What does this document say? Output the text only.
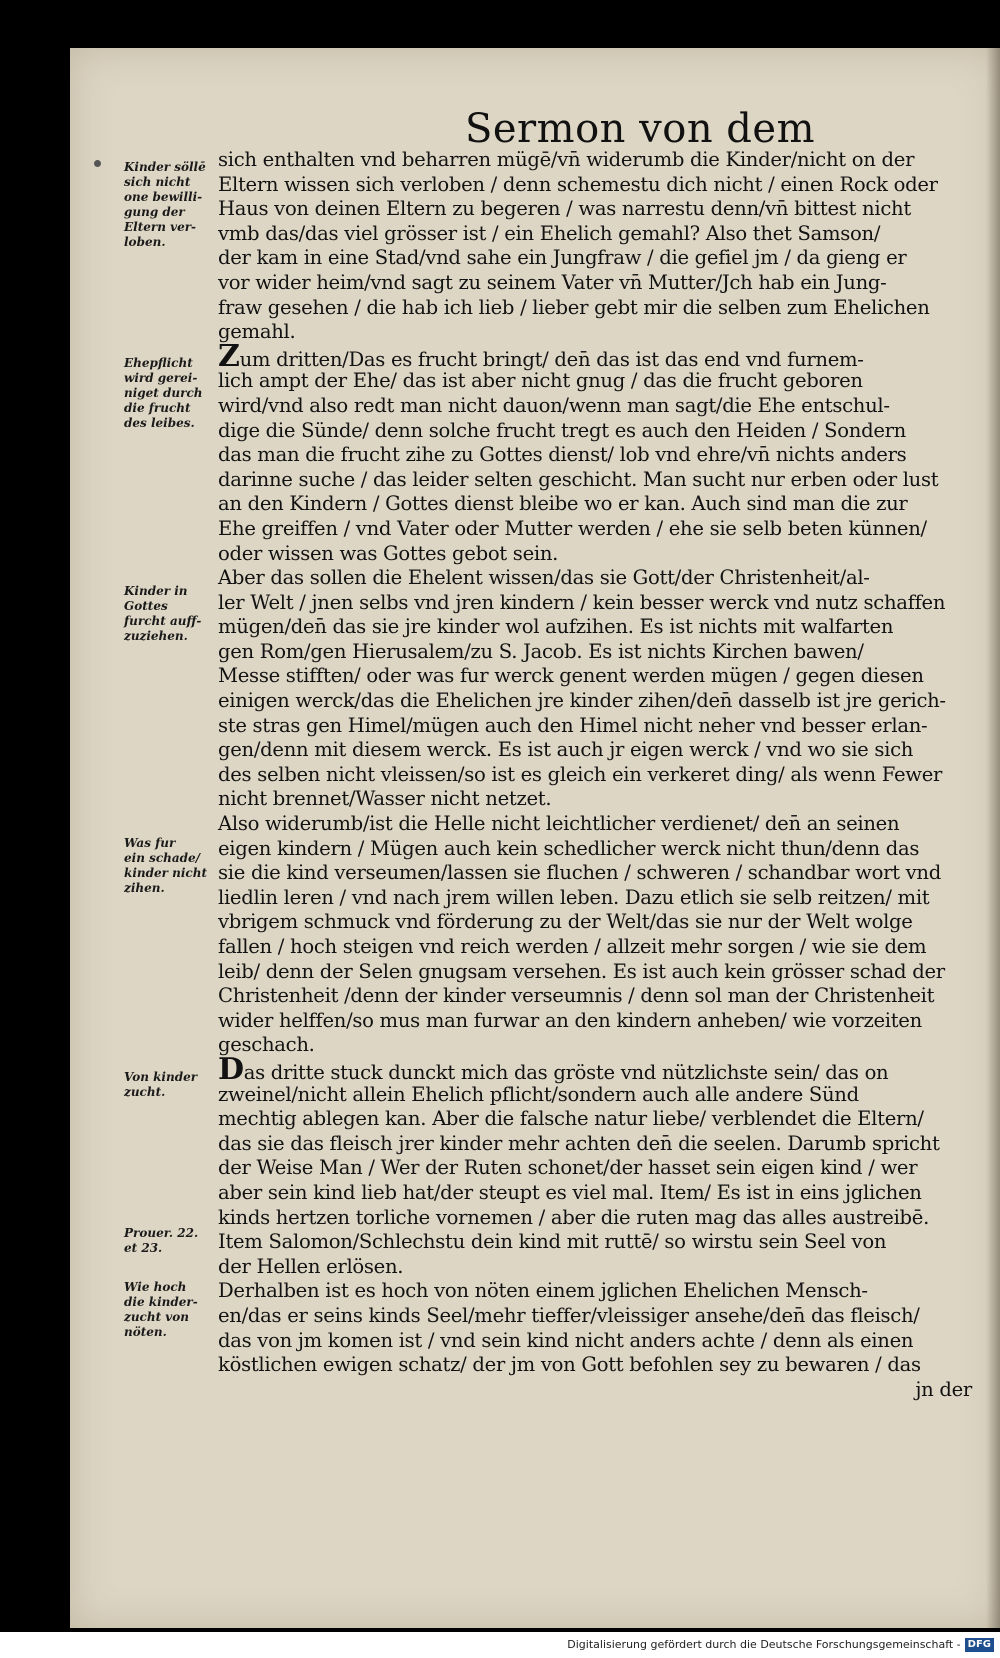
Sermon von dem
Kinder söllē
sich nicht
one bewilli-
gung der
Eltern ver-
loben.
Ehepflicht
wird gerei-
niget durch
die frucht
des leibes.
Kinder in
Gottes
furcht auff-
zuziehen.
Was fur
ein schade/
kinder nicht
zihen.
Von kinder
zucht.
Prouer. 22.
et 23.
Wie hoch
die kinder-
zucht von
nöten.
sich enthalten vnd beharren mügē/vn̄ widerumb die Kinder/nicht on der
Eltern wissen sich verloben / denn schemestu dich nicht / einen Rock oder
Haus von deinen Eltern zu begeren / was narrestu denn/vn̄ bittest nicht
vmb das/das viel grösser ist / ein Ehelich gemahl? Also thet Samson/
der kam in eine Stad/vnd sahe ein Jungfraw / die gefiel jm / da gieng er
vor wider heim/vnd sagt zu seinem Vater vn̄ Mutter/Jch hab ein Jung-
fraw gesehen / die hab ich lieb / lieber gebt mir die selben zum Ehelichen
gemahl.
Zum dritten/Das es frucht bringt/ den̄ das ist das end vnd furnem-
lich ampt der Ehe/ das ist aber nicht gnug / das die frucht geboren
wird/vnd also redt man nicht dauon/wenn man sagt/die Ehe entschul-
dige die Sünde/ denn solche frucht tregt es auch den Heiden / Sondern
das man die frucht zihe zu Gottes dienst/ lob vnd ehre/vn̄ nichts anders
darinne suche / das leider selten geschicht. Man sucht nur erben oder lust
an den Kindern / Gottes dienst bleibe wo er kan. Auch sind man die zur
Ehe greiffen / vnd Vater oder Mutter werden / ehe sie selb beten künnen/
oder wissen was Gottes gebot sein.
Aber das sollen die Ehelent wissen/das sie Gott/der Christenheit/al-
ler Welt / jnen selbs vnd jren kindern / kein besser werck vnd nutz schaffen
mügen/den̄ das sie jre kinder wol aufzihen. Es ist nichts mit walfarten
gen Rom/gen Hierusalem/zu S. Jacob. Es ist nichts Kirchen bawen/
Messe stifften/ oder was fur werck genent werden mügen / gegen diesen
einigen werck/das die Ehelichen jre kinder zihen/den̄ dasselb ist jre gerich-
ste stras gen Himel/mügen auch den Himel nicht neher vnd besser erlan-
gen/denn mit diesem werck. Es ist auch jr eigen werck / vnd wo sie sich
des selben nicht vleissen/so ist es gleich ein verkeret ding/ als wenn Fewer
nicht brennet/Wasser nicht netzet.
Also widerumb/ist die Helle nicht leichtlicher verdienet/ den̄ an seinen
eigen kindern / Mügen auch kein schedlicher werck nicht thun/denn das
sie die kind verseumen/lassen sie fluchen / schweren / schandbar wort vnd
liedlin leren / vnd nach jrem willen leben. Dazu etlich sie selb reitzen/ mit
vbrigem schmuck vnd förderung zu der Welt/das sie nur der Welt wolge
fallen / hoch steigen vnd reich werden / allzeit mehr sorgen / wie sie dem
leib/ denn der Selen gnugsam versehen. Es ist auch kein grösser schad der
Christenheit /denn der kinder verseumnis / denn sol man der Christenheit
wider helffen/so mus man furwar an den kindern anheben/ wie vorzeiten
geschach.
Das dritte stuck dunckt mich das gröste vnd nützlichste sein/ das on
zweinel/nicht allein Ehelich pflicht/sondern auch alle andere Sünd
mechtig ablegen kan. Aber die falsche natur liebe/ verblendet die Eltern/
das sie das fleisch jrer kinder mehr achten den̄ die seelen. Darumb spricht
der Weise Man / Wer der Ruten schonet/der hasset sein eigen kind / wer
aber sein kind lieb hat/der steupt es viel mal. Item/ Es ist in eins jglichen
kinds hertzen torliche vornemen / aber die ruten mag das alles austreibē.
Item Salomon/Schlechstu dein kind mit ruttē/ so wirstu sein Seel von
der Hellen erlösen.
Derhalben ist es hoch von nöten einem jglichen Ehelichen Mensch-
en/das er seins kinds Seel/mehr tieffer/vleissiger ansehe/den̄ das fleisch/
das von jm komen ist / vnd sein kind nicht anders achte / denn als einen
köstlichen ewigen schatz/ der jm von Gott befohlen sey zu bewaren / das
jn der
Digitalisierung gefördert durch die Deutsche Forschungsgemeinschaft - DFG
